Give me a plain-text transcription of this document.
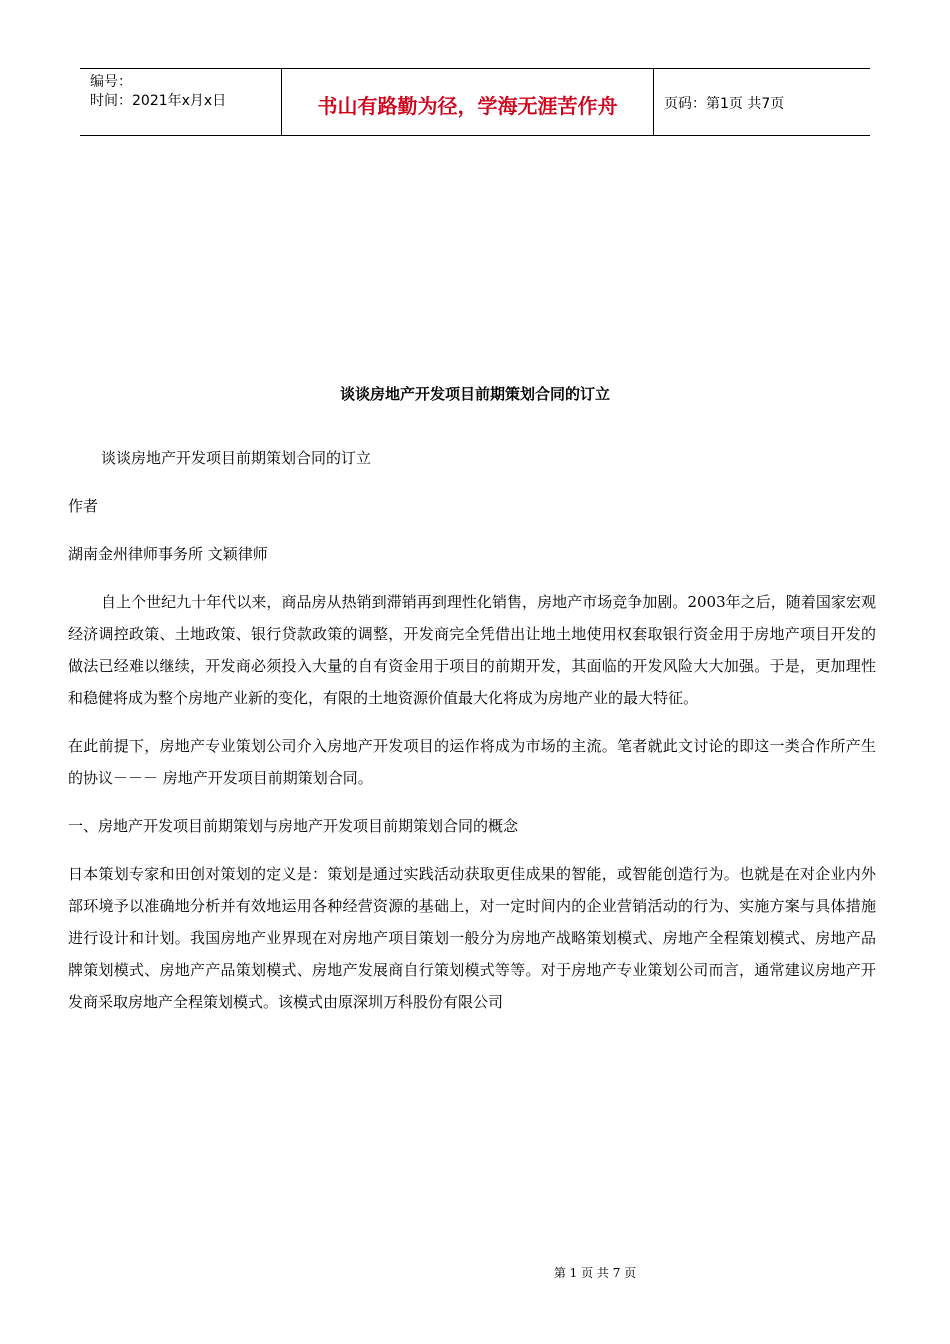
编号：
时间：2021年x月x日	书山有路勤为径，学海无涯苦作舟	页码：第1页 共7页
谈谈房地产开发项目前期策划合同的订立

谈谈房地产开发项目前期策划合同的订立

作者

湖南金州律师事务所 文颖律师

自上个世纪九十年代以来，商品房从热销到滞销再到理性化销售，房地产市场竞争加剧。2003年之后，随着国家宏观经济调控政策、土地政策、银行贷款政策的调整，开发商完全凭借出让地土地使用权套取银行资金用于房地产项目开发的做法已经难以继续，开发商必须投入大量的自有资金用于项目的前期开发，其面临的开发风险大大加强。于是，更加理性和稳健将成为整个房地产业新的变化，有限的土地资源价值最大化将成为房地产业的最大特征。

在此前提下，房地产专业策划公司介入房地产开发项目的运作将成为市场的主流。笔者就此文讨论的即这一类合作所产生的协议－－－ 房地产开发项目前期策划合同。

一、房地产开发项目前期策划与房地产开发项目前期策划合同的概念

日本策划专家和田创对策划的定义是：策划是通过实践活动获取更佳成果的智能，或智能创造行为。也就是在对企业内外部环境予以准确地分析并有效地运用各种经营资源的基础上，对一定时间内的企业营销活动的行为、实施方案与具体措施进行设计和计划。我国房地产业界现在对房地产项目策划一般分为房地产战略策划模式、房地产全程策划模式、房地产品牌策划模式、房地产产品策划模式、房地产发展商自行策划模式等等。对于房地产专业策划公司而言，通常建议房地产开发商采取房地产全程策划模式。该模式由原深圳万科股份有限公司

第 1 页 共 7 页
